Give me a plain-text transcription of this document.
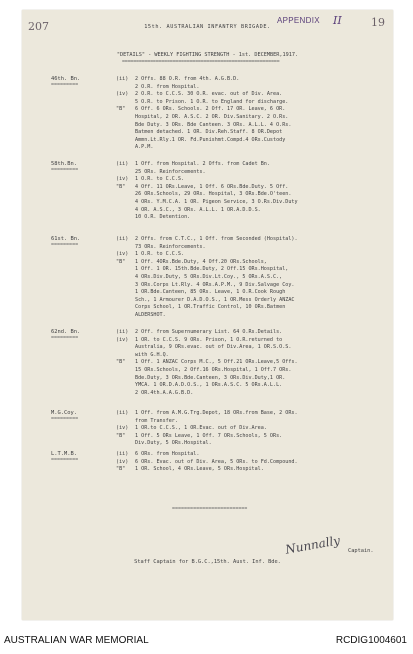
207	19
APPENDIX II
15th. AUSTRALIAN INFANTRY BRIGADE.
"DETAILS" - WEEKLY FIGHTING STRENGTH - 1st. DECEMBER,1917.
========================================================
46th. Bn.
=========
(ii) 2 Offs. 88 O.R. from 4th. A.G.B.D.
2 O.R. from Hospital.
(iv) 2 O.R. to C.C.S. 30 O.R. evac. out of Div. Area.
5 O.R. to Prison. 1 O.R. to England for discharge.
"B" 6 Off. 6 ORs. Schools. 2 Off. 17 OR. Leave, 6 OR.
Hospital, 2 OR. A.S.C. 2 OR. Div.Sanitary. 2 O.Rs.
Bde Duty. 3 ORs. Bde Canteen. 3 ORs. A.L.L. 4 O.Rs.
Batmen detached. 1 OR. Div.Reh.Staff. 8 OR.Depot
Ammn.Lt.Rly.1 OR. Fd.Punishmt.Compd.4 ORs.Custody
A.P.M.
58th.Bn.
=========
(ii) 1 Off. from Hospital. 2 Offs. from Cadet Bn.
25 ORs. Reinforcements.
(iv) 1 O.R. to C.C.S.
"B" 4 Off. 11 ORs.Leave, 1 Off. 6 ORs.Bde.Duty. 5 Off.
26 ORs.Schools, 29 ORs. Hospital, 3 ORs.Bde.O'teen.
4 ORs. Y.M.C.A. 1 OR. Pigeon Service, 3 O.Rs.Div.Duty
4 OR. A.S.C., 3 ORs. A.L.L. 1 OR.A.D.D.S.
10 O.R. Detention.
61st. Bn.
=========
(ii) 2 Offs. from C.T.C., 1 Off. from Seconded (Hospital).
73 ORs. Reinforcements.
(iv) 1 O.R. to C.C.S.
"B" 1 Off. 4ORs.Bde.Duty, 4 Off.20 ORs.Schools,
1 Off. 1 OR. 15th.Bde.Duty, 2 Off.15 ORs.Hospital,
4 ORs.Div.Duty, 5 ORs.Div.Lt.Coy., 5 ORs.A.S.C.,
3 ORs.Corps Lt.Rly. 4 ORs.A.P.M., 9 Div.Salvage Coy.
1 OR.Bde.Canteen, 85 ORs. Leave, 1 O.R.Cook Rough
Sch., 1 Armourer D.A.D.O.S., 1 OR.Mess Orderly ANZAC
Corps School, 1 OR.Traffic Control, 10 ORs.Batmen
ALDERSHOT.
62nd. Bn.
=========
(ii) 2 Off. from Supernumerary List. 64 O.Rs.Details.
(iv) 1 OR. to C.C.S. 9 ORs. Prison, 1 O.R.returned to
Australia, 9 ORs.evac. out of Div.Area, 1 OR.S.O.S.
with G.H.Q.
"B" 1 Off. 1 ANZAC Corps M.C., 5 Off.21 ORs.Leave,5 Offs.
15 ORs.Schools, 2 Off.16 ORs.Hospital, 1 Off.7 ORs.
Bde.Duty, 3 ORs.Bde.Canteen, 3 ORs.Div.Duty,1 OR.
YMCA. 1 OR.D.A.D.O.S., 1 ORs.A.S.C. 5 ORs.A.L.L.
2 OR.4th.A.A.G.B.D.
M.G.Coy.
=========
(ii) 1 Off. from A.M.G.Trg.Depot, 18 ORs.from Base, 2 ORs.
from Transfer.
(iv) 1 OR.to C.C.S., 1 OR.Evac. out of Div.Area.
"B" 1 Off. 5 ORs Leave, 1 Off. 7 ORs.Schools, 5 ORs.
Div.Duty, 5 ORs.Hospital.
L.T.M.B.
=========
(ii) 6 ORs. from Hospital.
(iv) 6 ORs. Evac. out of Div. Area, 5 ORs. to Fd.Compound.
"B" 1 OR. School, 4 ORs.Leave, 5 ORs.Hospital.
=========================
Nunnally Captain.
Staff Captain for B.G.C.,15th. Aust. Inf. Bde.
AUSTRALIAN WAR MEMORIAL	RCDIG1004601
